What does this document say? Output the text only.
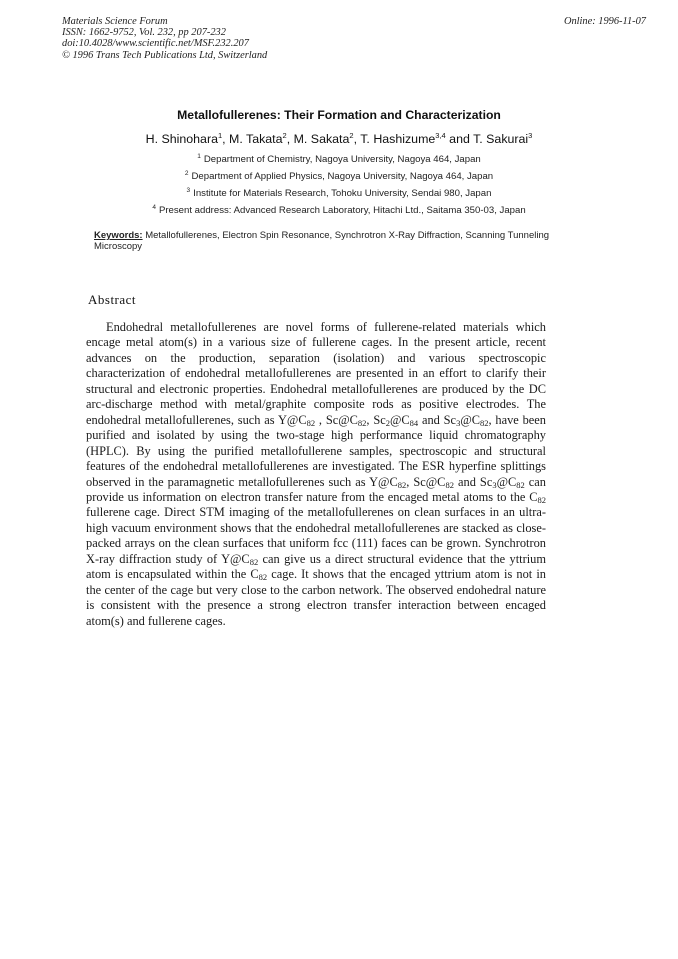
Materials Science Forum
ISSN: 1662-9752, Vol. 232, pp 207-232
doi:10.4028/www.scientific.net/MSF.232.207
© 1996 Trans Tech Publications Ltd, Switzerland
Online: 1996-11-07
Metallofullerenes: Their Formation and Characterization
H. Shinohara$^1$, M. Takata$^2$, M. Sakata$^2$, T. Hashizume$^{3,4}$ and T. Sakurai$^3$
$^1$ Department of Chemistry, Nagoya University, Nagoya 464, Japan
$^2$ Department of Applied Physics, Nagoya University, Nagoya 464, Japan
$^3$ Institute for Materials Research, Tohoku University, Sendai 980, Japan
$^4$ Present address: Advanced Research Laboratory, Hitachi Ltd., Saitama 350-03, Japan
Keywords: Metallofullerenes, Electron Spin Resonance, Synchrotron X-Ray Diffraction, Scanning Tunneling Microscopy
Abstract
Endohedral metallofullerenes are novel forms of fullerene-related materials which encage metal atom(s) in a various size of fullerene cages. In the present article, recent advances on the production, separation (isolation) and various spectroscopic characterization of endohedral metallofullerenes are presented in an effort to clarify their structural and electronic properties. Endohedral metallofullerenes are produced by the DC arc-discharge method with metal/graphite composite rods as positive electrodes. The endohedral metallofullerenes, such as $Y@C_{82}$ , $Sc@C_{82}$, $Sc_2@C_{84}$ and $Sc_3@C_{82}$, have been purified and isolated by using the two-stage high performance liquid chromatography (HPLC). By using the purified metallofullerene samples, spectroscopic and structural features of the endohedral metallofullerenes are investigated. The ESR hyperfine splittings observed in the paramagnetic metallofullerenes such as $Y@C_{82}$, $Sc@C_{82}$ and $Sc_3@C_{82}$ can provide us information on electron transfer nature from the encaged metal atoms to the $C_{82}$ fullerene cage. Direct STM imaging of the metallofullerenes on clean surfaces in an ultra-high vacuum environment shows that the endohedral metallofullerenes are stacked as close-packed arrays on the clean surfaces that uniform fcc (111) faces can be grown. Synchrotron X-ray diffraction study of $Y@C_{82}$ can give us a direct structural evidence that the yttrium atom is encapsulated within the $C_{82}$ cage. It shows that the encaged yttrium atom is not in the center of the cage but very close to the carbon network. The observed endohedral nature is consistent with the presence a strong electron transfer interaction between encaged atom(s) and fullerene cages.
